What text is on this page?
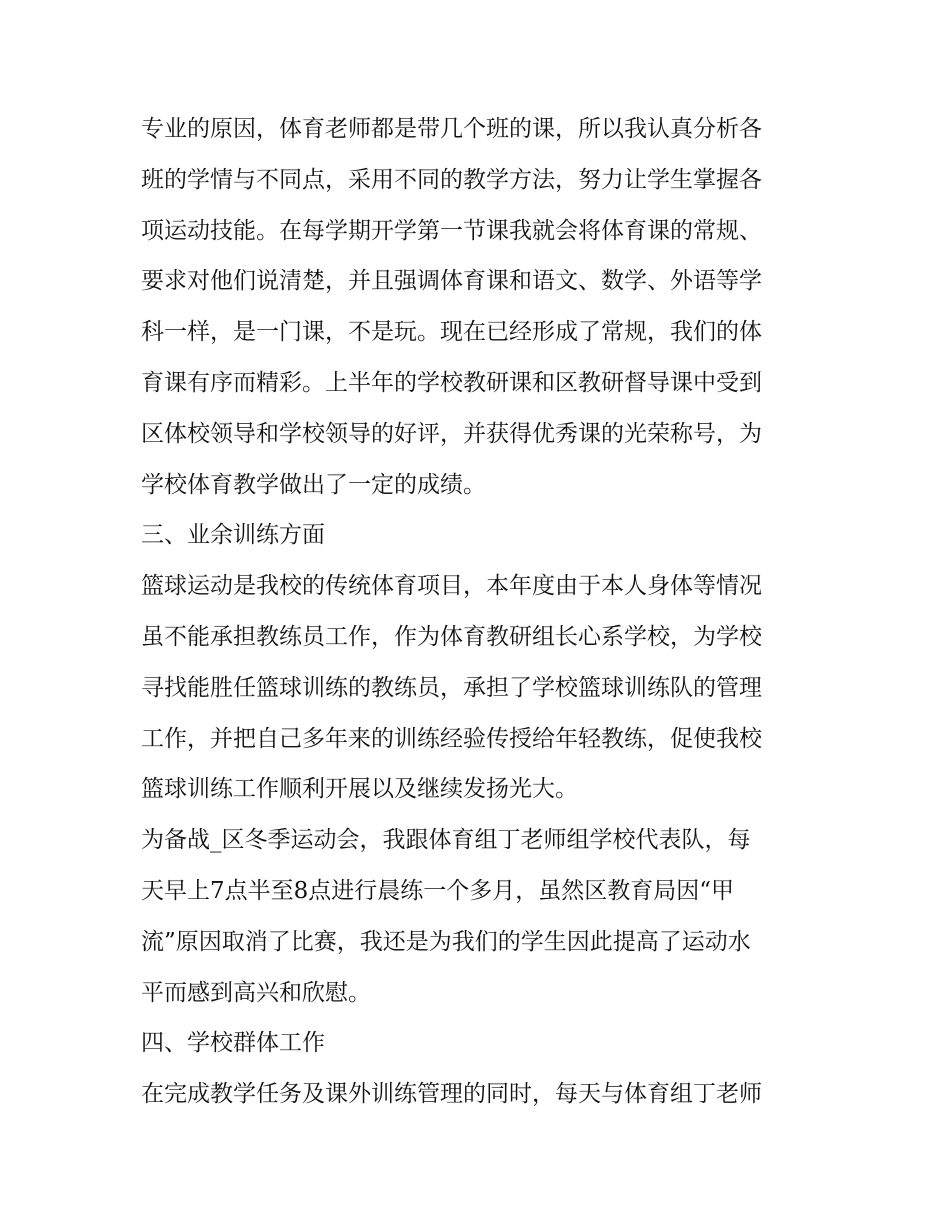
专业的原因，体育老师都是带几个班的课，所以我认真分析各
班的学情与不同点，采用不同的教学方法，努力让学生掌握各
项运动技能。在每学期开学第一节课我就会将体育课的常规、
要求对他们说清楚，并且强调体育课和语文、数学、外语等学
科一样，是一门课，不是玩。现在已经形成了常规，我们的体
育课有序而精彩。上半年的学校教研课和区教研督导课中受到
区体校领导和学校领导的好评，并获得优秀课的光荣称号，为
学校体育教学做出了一定的成绩。
三、业余训练方面
篮球运动是我校的传统体育项目，本年度由于本人身体等情况
虽不能承担教练员工作，作为体育教研组长心系学校，为学校
寻找能胜任篮球训练的教练员，承担了学校篮球训练队的管理
工作，并把自己多年来的训练经验传授给年轻教练，促使我校
篮球训练工作顺利开展以及继续发扬光大。
为备战_区冬季运动会，我跟体育组丁老师组学校代表队，每
天早上7点半至8点进行晨练一个多月，虽然区教育局因“甲
流”原因取消了比赛，我还是为我们的学生因此提高了运动水
平而感到高兴和欣慰。
四、学校群体工作
在完成教学任务及课外训练管理的同时，每天与体育组丁老师
